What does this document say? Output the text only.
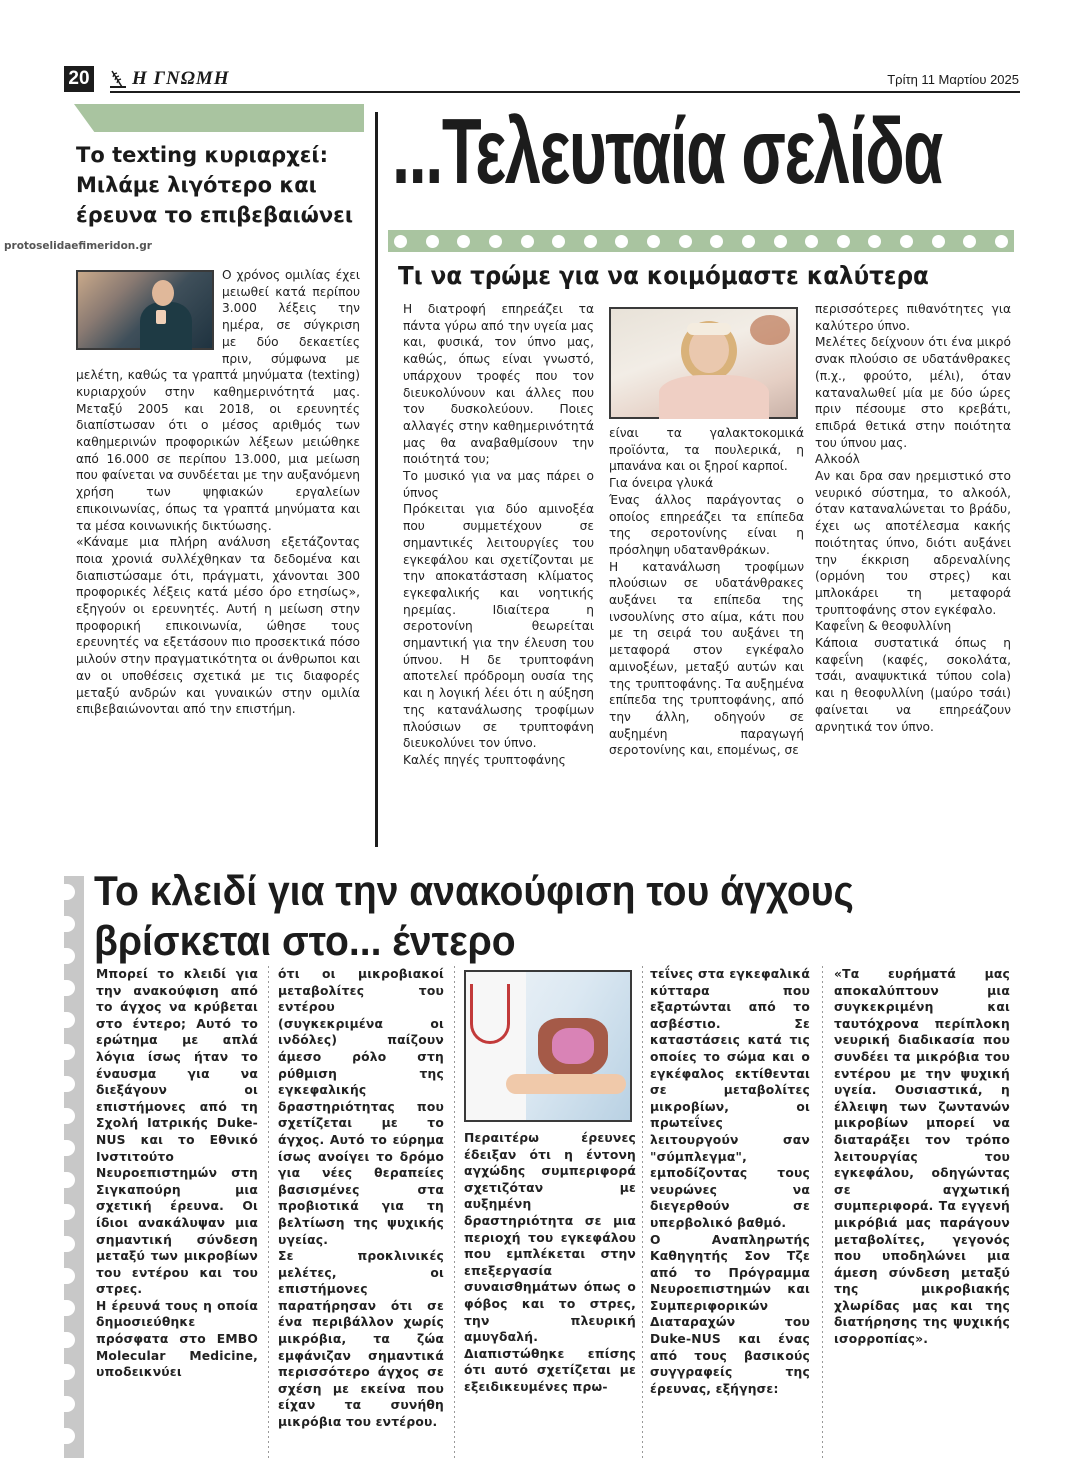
20 Η ΓΝΩΜΗ	Τρίτη 11 Μαρτίου 2025
Το texting κυριαρχεί: Μιλάμε λιγότερο και έρευνα το επιβεβαιώνει
protoselidaefimeridon.gr

Ο χρόνος ομιλίας έχει μειωθεί κατά περίπου 3.000 λέξεις την ημέρα, σε σύγκριση με δύο δεκαετίες πριν, σύμφωνα με μελέτη, καθώς τα γραπτά μηνύματα (texting) κυριαρχούν στην καθημερινότητά μας. Μεταξύ 2005 και 2018, οι ερευνητές διαπίστωσαν ότι ο μέσος αριθμός των καθημερινών προφορικών λέξεων μειώθηκε από 16.000 σε περίπου 13.000, μια μείωση που φαίνεται να συνδέεται με την αυξανόμενη χρήση των ψηφιακών εργαλείων επικοινωνίας, όπως τα γραπτά μηνύματα και τα μέσα κοινωνικής δικτύωσης.

«Κάναμε μια πλήρη ανάλυση εξετάζοντας ποια χρονιά συλλέχθηκαν τα δεδομένα και διαπιστώσαμε ότι, πράγματι, χάνονται 300 προφορικές λέξεις κατά μέσο όρο ετησίως», εξηγούν οι ερευνητές. Αυτή η μείωση στην προφορική επικοινωνία, ώθησε τους ερευνητές να εξετάσουν πιο προσεκτικά πόσο μιλούν στην πραγματικότητα οι άνθρωποι και αν οι υποθέσεις σχετικά με τις διαφορές μεταξύ ανδρών και γυναικών στην ομιλία επιβεβαιώνονται από την επιστήμη.

...Τελευταία σελίδα
Τι να τρώμε για να κοιμόμαστε καλύτερα

Η διατροφή επηρεάζει τα πάντα γύρω από την υγεία μας και, φυσικά, τον ύπνο μας, καθώς, όπως είναι γνωστό, υπάρχουν τροφές που τον διευκολύνουν και άλλες που τον δυσκολεύουν. Ποιες αλλαγές στην καθημερινότητά μας θα αναβαθμίσουν την ποιότητά του;

Το μυσικό για να μας πάρει ο ύπνος

Πρόκειται για δύο αμινοξέα που συμμετέχουν σε σημαντικές λειτουργίες του εγκεφάλου και σχετίζονται με την αποκατάσταση κλίματος εγκεφαλικής και νοητικής ηρεμίας. Ιδιαίτερα η σεροτονίνη θεωρείται σημαντική για την έλευση του ύπνου. Η δε τρυπτοφάνη αποτελεί πρόδρομη ουσία της και η λογική λέει ότι η αύξηση της κατανάλωσης τροφίμων πλούσιων σε τρυπτοφάνη διευκολύνει τον ύπνο.

Καλές πηγές τρυπτοφάνης

είναι τα γαλακτοκομικά προϊόντα, τα πουλερικά, η μπανάνα και οι ξηροί καρποί.

Για όνειρα γλυκά

Ένας άλλος παράγοντας ο οποίος επηρεάζει τα επίπεδα της σεροτονίνης είναι η πρόσληψη υδατανθράκων.

Η κατανάλωση τροφίμων πλούσιων σε υδατάνθρακες αυξάνει τα επίπεδα της ινσουλίνης στο αίμα, κάτι που με τη σειρά του αυξάνει τη μεταφορά στον εγκέφαλο αμινοξέων, μεταξύ αυτών και της τρυπτοφάνης. Τα αυξημένα επίπεδα της τρυπτοφάνης, από την άλλη, οδηγούν σε αυξημένη παραγωγή σεροτονίνης και, επομένως, σε

περισσότερες πιθανότητες για καλύτερο ύπνο.

Μελέτες δείχνουν ότι ένα μικρό σνακ πλούσιο σε υδατάνθρακες (π.χ., φρούτο, μέλι), όταν καταναλωθεί μία με δύο ώρες πριν πέσουμε στο κρεβάτι, επιδρά θετικά στην ποιότητα του ύπνου μας.

Αλκοόλ

Αν και δρα σαν ηρεμιστικό στο νευρικό σύστημα, το αλκοόλ, όταν καταναλώνεται το βράδυ, έχει ως αποτέλεσμα κακής ποιότητας ύπνο, διότι αυξάνει την έκκριση αδρεναλίνης (ορμόνη του στρες) και μπλοκάρει τη μεταφορά τρυπτοφάνης στον εγκέφαλο.

Καφεΐνη & θεοφυλλίνη

Κάποια συστατικά όπως η καφεΐνη (καφές, σοκολάτα, τσάι, αναψυκτικά τύπου cola) και η θεοφυλλίνη (μαύρο τσάι) φαίνεται να επηρεάζουν αρνητικά τον ύπνο.

Το κλειδί για την ανακούφιση του άγχους βρίσκεται στο... έντερο

Μπορεί το κλειδί για την ανακούφιση από το άγχος να κρύβεται στο έντερο; Αυτό το ερώτημα με απλά λόγια ίσως ήταν το έναυσμα για να διεξάγουν οι επιστήμονες από τη Σχολή Ιατρικής Duke-NUS και το Εθνικό Ινστιτούτο Νευροεπιστημών στη Σιγκαπούρη μια σχετική έρευνα. Οι ίδιοι ανακάλυψαν μια σημαντική σύνδεση μεταξύ των μικροβίων του εντέρου και του στρες.

Η έρευνά τους η οποία δημοσιεύθηκε πρόσφατα στο EMBO Molecular Medicine, υποδεικνύει

ότι οι μικροβιακοί μεταβολίτες του εντέρου (συγκεκριμένα οι ινδόλες) παίζουν άμεσο ρόλο στη ρύθμιση της εγκεφαλικής δραστηριότητας που σχετίζεται με το άγχος. Αυτό το εύρημα ίσως ανοίγει το δρόμο για νέες θεραπείες βασισμένες στα προβιοτικά για τη βελτίωση της ψυχικής υγείας.

Σε προκλινικές μελέτες, οι επιστήμονες παρατήρησαν ότι σε ένα περιβάλλον χωρίς μικρόβια, τα ζώα εμφάνιζαν σημαντικά περισσότερο άγχος σε σχέση με εκείνα που είχαν τα συνήθη μικρόβια του εντέρου.

Περαιτέρω έρευνες έδειξαν ότι η έντονη αγχώδης συμπεριφορά σχετιζόταν με αυξημένη δραστηριότητα σε μια περιοχή του εγκεφάλου που εμπλέκεται στην επεξεργασία συναισθημάτων όπως ο φόβος και το στρες, την πλευρική αμυγδαλή. Διαπιστώθηκε επίσης ότι αυτό σχετίζεται με εξειδικευμένες πρω-

τεΐνες στα εγκεφαλικά κύτταρα που εξαρτώνται από το ασβέστιο. Σε καταστάσεις κατά τις οποίες το σώμα και ο εγκέφαλος εκτίθενται σε μεταβολίτες μικροβίων, οι πρωτεΐνες λειτουργούν σαν "σύμπλεγμα", εμποδίζοντας τους νευρώνες να διεγερθούν σε υπερβολικό βαθμό.

Ο Αναπληρωτής Καθηγητής Σον Τζε από το Πρόγραμμα Νευροεπιστημών και Συμπεριφορικών Διαταραχών του Duke-NUS και ένας από τους βασικούς συγγραφείς της έρευνας, εξήγησε:

«Τα ευρήματά μας αποκαλύπτουν μια συγκεκριμένη και ταυτόχρονα περίπλοκη νευρική διαδικασία που συνδέει τα μικρόβια του εντέρου με την ψυχική υγεία. Ουσιαστικά, η έλλειψη των ζωντανών μικροβίων μπορεί να διαταράξει τον τρόπο λειτουργίας του εγκεφάλου, οδηγώντας σε αγχωτική συμπεριφορά. Τα εγγενή μικρόβιά μας παράγουν μεταβολίτες, γεγονός που υποδηλώνει μια άμεση σύνδεση μεταξύ της μικροβιακής χλωρίδας μας και της διατήρησης της ψυχικής ισορροπίας».
